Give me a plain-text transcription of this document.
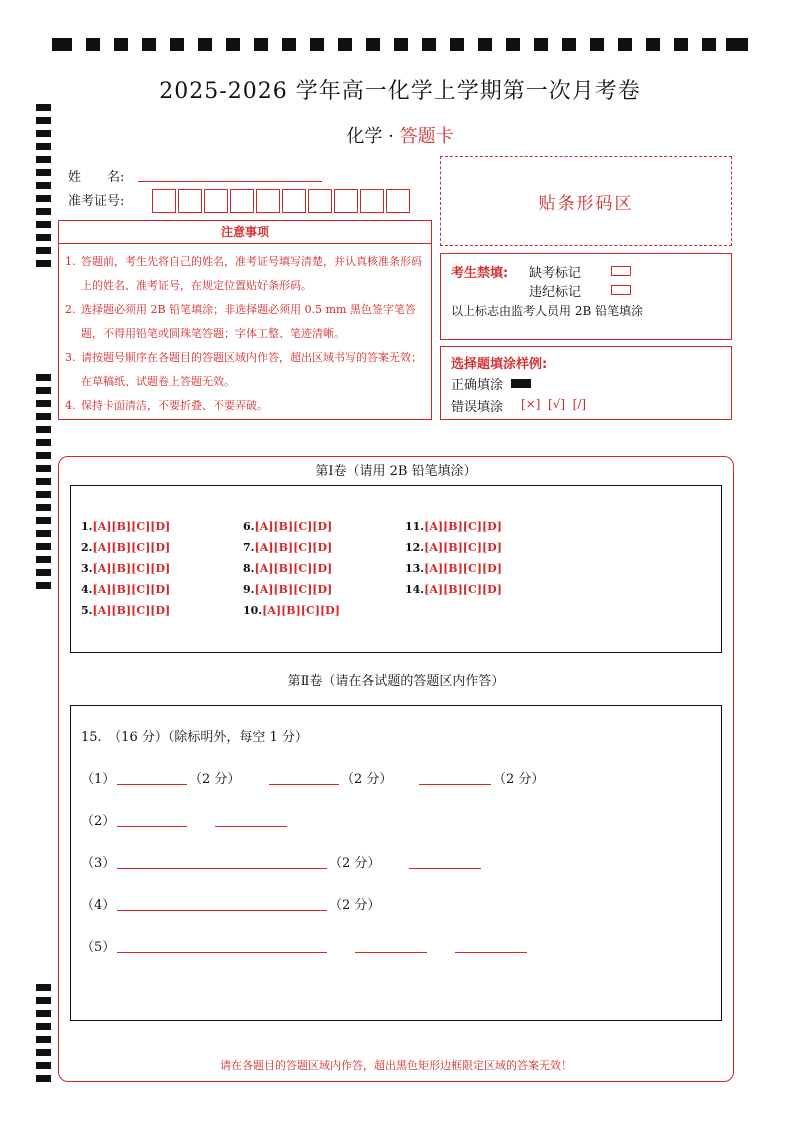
2025-2026 学年高一化学上学期第一次月考卷
化学 · 答题卡
姓　　名:
准考证号:	贴条形码区
注意事项
1. 答题前，考生先将自己的姓名，准考证号填写清楚，并认真核准条形码上的姓名、准考证号，在规定位置贴好条形码。
2. 选择题必须用 2B 铅笔填涂；非选择题必须用 0.5 mm 黑色签字笔答题，不得用铅笔或圆珠笔答题；字体工整、笔迹清晰。
3. 请按题号顺序在各题目的答题区域内作答，超出区域书写的答案无效；在草稿纸、试题卷上答题无效。
4. 保持卡面清洁，不要折叠、不要弄破。
考生禁填: 缺考标记
违纪标记
以上标志由监考人员用 2B 铅笔填涂
选择题填涂样例:
正确填涂
错误填涂 [×]  [√]  [/]
第Ⅰ卷（请用 2B 铅笔填涂）
1.[A][B][C][D]
2.[A][B][C][D]
3.[A][B][C][D]
4.[A][B][C][D]
5.[A][B][C][D]
6.[A][B][C][D]
7.[A][B][C][D]
8.[A][B][C][D]
9.[A][B][C][D]
10.[A][B][C][D]
11.[A][B][C][D]
12.[A][B][C][D]
13.[A][B][C][D]
14.[A][B][C][D]
第Ⅱ卷（请在各试题的答题区内作答）
15.　（16 分）（除标明外，每空 1 分）
（1）	（2 分）	（2 分）	（2 分）
（2）
（3）	（2 分）
（4）	（2 分）
（5）
请在各题目的答题区域内作答，超出黑色矩形边框限定区域的答案无效！
